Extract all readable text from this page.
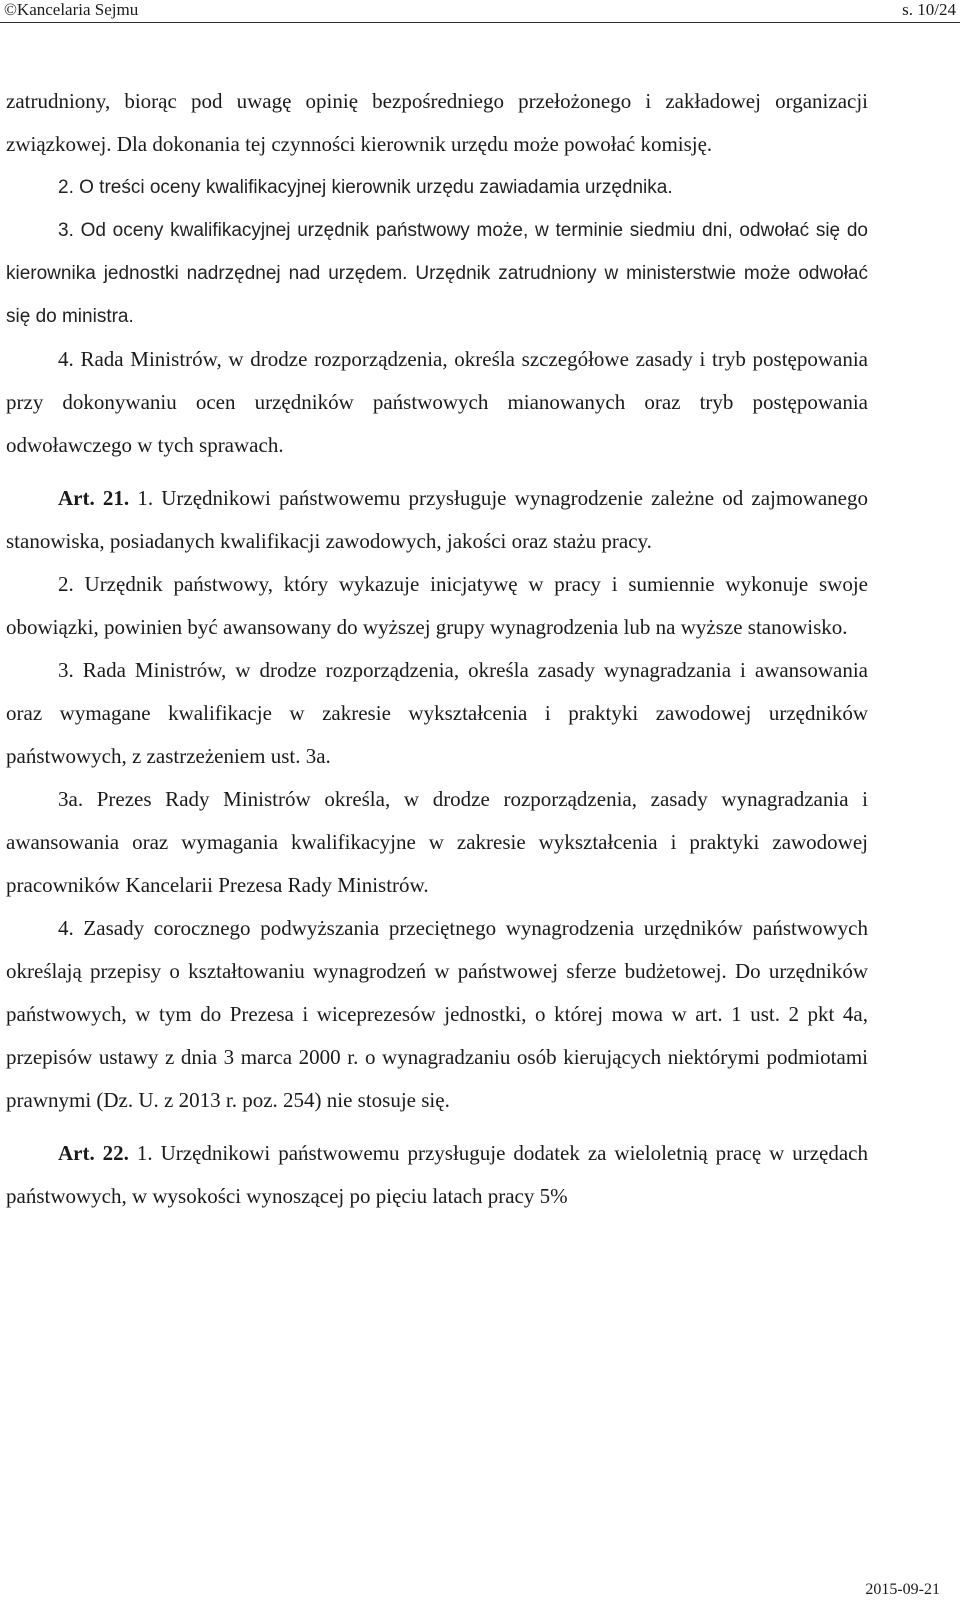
©Kancelaria Sejmu	s. 10/24

zatrudniony, biorąc pod uwagę opinię bezpośredniego przełożonego i zakładowej organizacji związkowej. Dla dokonania tej czynności kierownik urzędu może powołać komisję.

2. O treści oceny kwalifikacyjnej kierownik urzędu zawiadamia urzędnika.

3. Od oceny kwalifikacyjnej urzędnik państwowy może, w terminie siedmiu dni, odwołać się do kierownika jednostki nadrzędnej nad urzędem. Urzędnik zatrudniony w ministerstwie może odwołać się do ministra.

4. Rada Ministrów, w drodze rozporządzenia, określa szczegółowe zasady i tryb postępowania przy dokonywaniu ocen urzędników państwowych mianowanych oraz tryb postępowania odwoławczego w tych sprawach.

Art. 21. 1. Urzędnikowi państwowemu przysługuje wynagrodzenie zależne od zajmowanego stanowiska, posiadanych kwalifikacji zawodowych, jakości oraz stażu pracy.

2. Urzędnik państwowy, który wykazuje inicjatywę w pracy i sumiennie wykonuje swoje obowiązki, powinien być awansowany do wyższej grupy wynagrodzenia lub na wyższe stanowisko.

3. Rada Ministrów, w drodze rozporządzenia, określa zasady wynagradzania i awansowania oraz wymagane kwalifikacje w zakresie wykształcenia i praktyki zawodowej urzędników państwowych, z zastrzeżeniem ust. 3a.

3a. Prezes Rady Ministrów określa, w drodze rozporządzenia, zasady wynagradzania i awansowania oraz wymagania kwalifikacyjne w zakresie wykształcenia i praktyki zawodowej pracowników Kancelarii Prezesa Rady Ministrów.

4. Zasady corocznego podwyższania przeciętnego wynagrodzenia urzędników państwowych określają przepisy o kształtowaniu wynagrodzeń w państwowej sferze budżetowej. Do urzędników państwowych, w tym do Prezesa i wiceprezesów jednostki, o której mowa w art. 1 ust. 2 pkt 4a, przepisów ustawy z dnia 3 marca 2000 r. o wynagradzaniu osób kierujących niektórymi podmiotami prawnymi (Dz. U. z 2013 r. poz. 254) nie stosuje się.

Art. 22. 1. Urzędnikowi państwowemu przysługuje dodatek za wieloletnią pracę w urzędach państwowych, w wysokości wynoszącej po pięciu latach pracy 5%

2015-09-21
